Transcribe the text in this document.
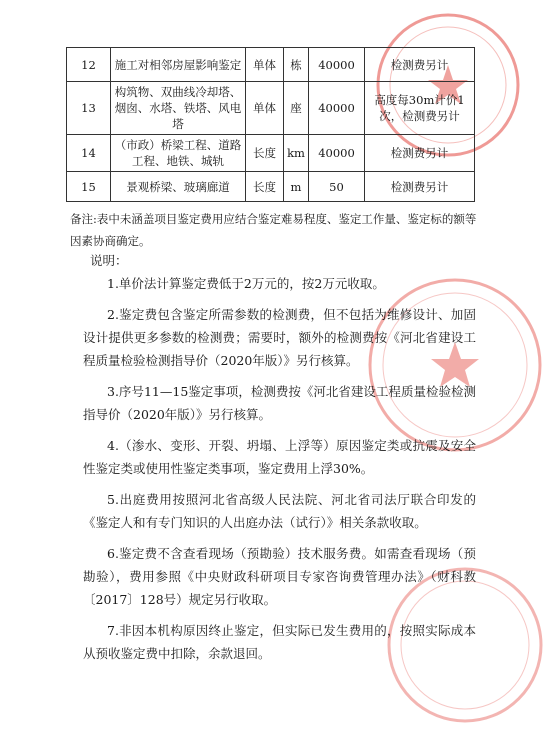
12	施工对相邻房屋影响鉴定	单体	栋	40000	检测费另计
13	构筑物、双曲线冷却塔、烟囱、水塔、铁塔、风电塔	单体	座	40000	高度每30m计价1次，检测费另计
14	（市政）桥梁工程、道路工程、地铁、城轨	长度	km	40000	检测费另计
15	景观桥梁、玻璃廊道	长度	m	50	检测费另计
备注:表中未涵盖项目鉴定费用应结合鉴定难易程度、鉴定工作量、鉴定标的额等因素协商确定。
说明：

1.单价法计算鉴定费低于2万元的，按2万元收取。

2.鉴定费包含鉴定所需参数的检测费，但不包括为维修设计、加固设计提供更多参数的检测费；需要时，额外的检测费按《河北省建设工程质量检验检测指导价（2020年版）》另行核算。

3.序号11—15鉴定事项，检测费按《河北省建设工程质量检验检测指导价（2020年版）》另行核算。

4.（渗水、变形、开裂、坍塌、上浮等）原因鉴定类或抗震及安全性鉴定类或使用性鉴定类事项，鉴定费用上浮30%。

5.出庭费用按照河北省高级人民法院、河北省司法厅联合印发的《鉴定人和有专门知识的人出庭办法（试行）》相关条款收取。

6.鉴定费不含查看现场（预勘验）技术服务费。如需查看现场（预勘验），费用参照《中央财政科研项目专家咨询费管理办法》（财科教〔2017〕128号）规定另行收取。

7.非因本机构原因终止鉴定，但实际已发生费用的，按照实际成本从预收鉴定费中扣除，余款退回。
